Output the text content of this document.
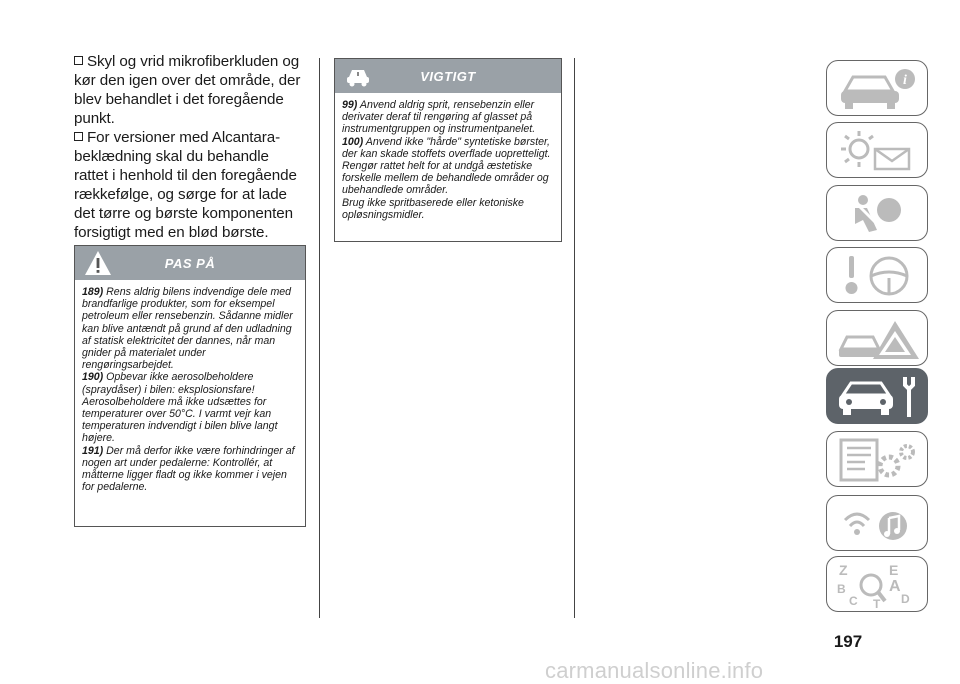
Skyl og vrid mikrofiberkluden og kør den igen over det område, der blev behandlet i det foregående punkt.
For versioner med Alcantara-beklædning skal du behandle rattet i henhold til den foregående rækkefølge, og sørge for at lade det tørre og børste komponenten forsigtigt med en blød børste.
PAS PÅ

189) Rens aldrig bilens indvendige dele med brandfarlige produkter, som for eksempel petroleum eller rensebenzin. Sådanne midler kan blive antændt på grund af den udladning af statisk elektricitet der dannes, når man gnider på materialet under rengøringsarbejdet.

190) Opbevar ikke aerosolbeholdere (spraydåser) i bilen: eksplosionsfare! Aerosolbeholdere må ikke udsættes for temperaturer over 50°C. I varmt vejr kan temperaturen indvendigt i bilen blive langt højere.

191) Der må derfor ikke være forhindringer af nogen art under pedalerne: Kontrollér, at måtterne ligger fladt og ikke kommer i vejen for pedalerne.

VIGTIGT

99) Anvend aldrig sprit, rensebenzin eller derivater deraf til rengøring af glasset på instrumentgruppen og instrumentpanelet.

100) Anvend ikke "hårde" syntetiske børster, der kan skade stoffets overflade uopretteligt. Rengør rattet helt for at undgå æstetiske forskelle mellem de behandlede områder og ubehandlede områder.

Brug ikke spritbaserede eller ketoniske opløsningsmidler.

i
Z	E
B	A
C T D
197
carmanualsonline.info
